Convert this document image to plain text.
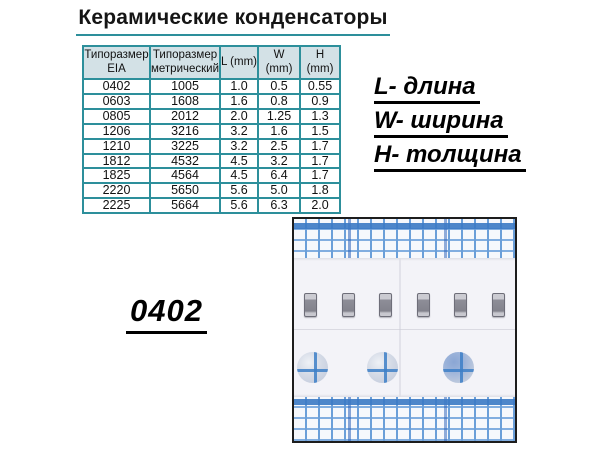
Керамические конденсаторы
Типоразмер EIA	Типоразмер метрический	L (mm)	W (mm)	H (mm)
0402	1005	1.0	0.5	0.55
0603	1608	1.6	0.8	0.9
0805	2012	2.0	1.25	1.3
1206	3216	3.2	1.6	1.5
1210	3225	3.2	2.5	1.7
1812	4532	4.5	3.2	1.7
1825	4564	4.5	6.4	1.7
2220	5650	5.6	5.0	1.8
2225	5664	5.6	6.3	2.0
L- длина
W- ширина
H- толщина
0402
